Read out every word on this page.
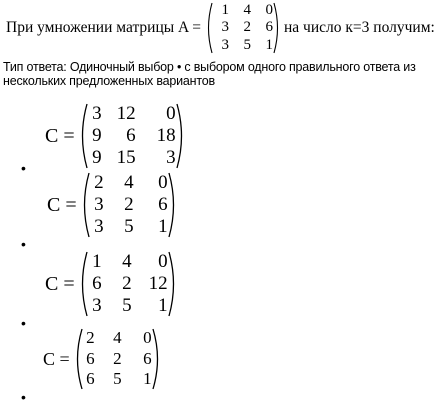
При умножении матрицы A =
1 4 0
3 2 6
3 5 1
на число к=3 получим:
Тип ответа: Одиночный выбор • с выбором одного правильного ответа из нескольких предложенных вариантов
C =
3 12	0
9	6	18
9 15	3
•
C =
2	4	0
3	2	6
3	5	1
•
C =
1	4	0
6	2 12
3	5	1
•
C =
2	4	0
6	2	6
6	5	1
•
